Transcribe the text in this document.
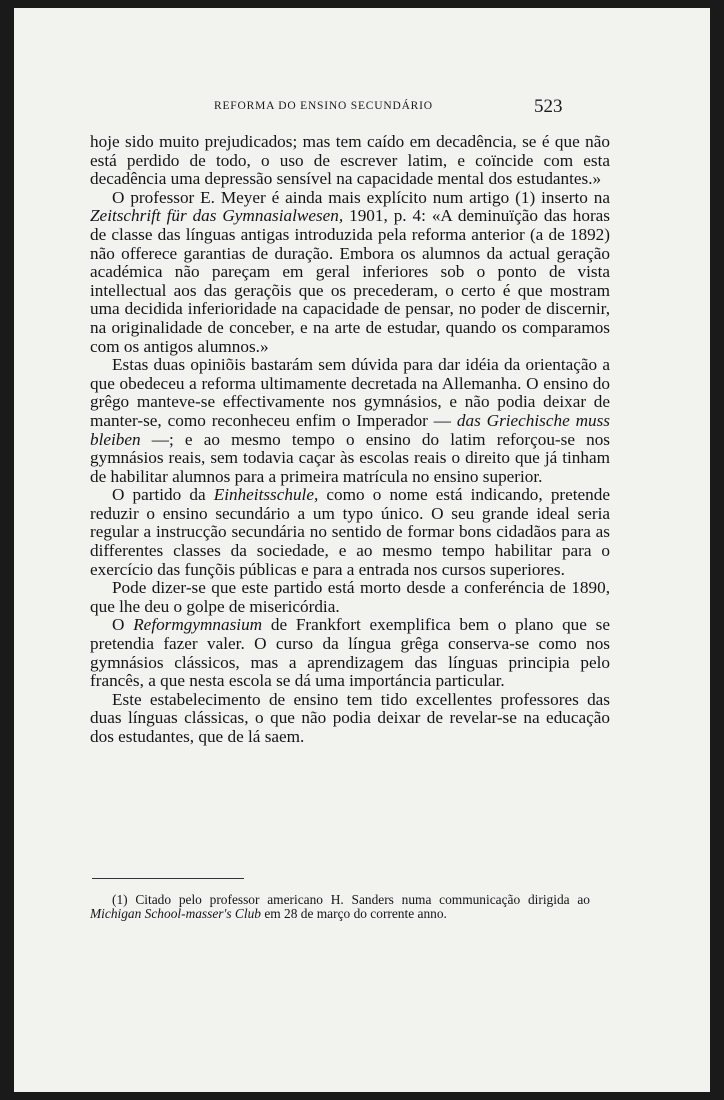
REFORMA DO ENSINO SECUNDÁRIO	523

hoje sido muito prejudicados; mas tem caído em decadência, se é que não está perdido de todo, o uso de escrever latim, e coïncide com esta decadência uma depressão sensível na capacidade mental dos estudantes.»

O professor E. Meyer é ainda mais explícito num artigo (1) inserto na Zeitschrift für das Gymnasialwesen, 1901, p. 4: «A deminuïção das horas de classe das línguas antigas introduzida pela reforma anterior (a de 1892) não offerece garantias de duração. Embora os alumnos da actual geração académica não pareçam em geral inferiores sob o ponto de vista intellectual aos das geraçõis que os precederam, o certo é que mostram uma decidida inferioridade na capacidade de pensar, no poder de discernir, na originalidade de conceber, e na arte de estudar, quando os comparamos com os antigos alumnos.»

Estas duas opiniõis bastarám sem dúvida para dar idéia da orientação a que obedeceu a reforma ultimamente decretada na Allemanha. O ensino do grêgo manteve-se effectivamente nos gymnásios, e não podia deixar de manter-se, como reconheceu enfim o Imperador — das Griechische muss bleiben —; e ao mesmo tempo o ensino do latim reforçou-se nos gymnásios reais, sem todavia caçar às escolas reais o direito que já tinham de habilitar alumnos para a primeira matrícula no ensino superior.

O partido da Einheitsschule, como o nome está indicando, pretende reduzir o ensino secundário a um typo único. O seu grande ideal seria regular a instrucção secundária no sentido de formar bons cidadãos para as differentes classes da sociedade, e ao mesmo tempo habilitar para o exercício das funçõis públicas e para a entrada nos cursos superiores.

Pode dizer-se que este partido está morto desde a conferéncia de 1890, que lhe deu o golpe de misericórdia.

O Reformgymnasium de Frankfort exemplifica bem o plano que se pretendia fazer valer. O curso da língua grêga conserva-se como nos gymnásios clássicos, mas a aprendizagem das línguas principia pelo francês, a que nesta escola se dá uma importáncia particular.

Este estabelecimento de ensino tem tido excellentes professores das duas línguas clássicas, o que não podia deixar de revelar-se na educação dos estudantes, que de lá saem.

(1) Citado pelo professor americano H. Sanders numa communicação dirigida ao Michigan School-masser's Club em 28 de março do corrente anno.
